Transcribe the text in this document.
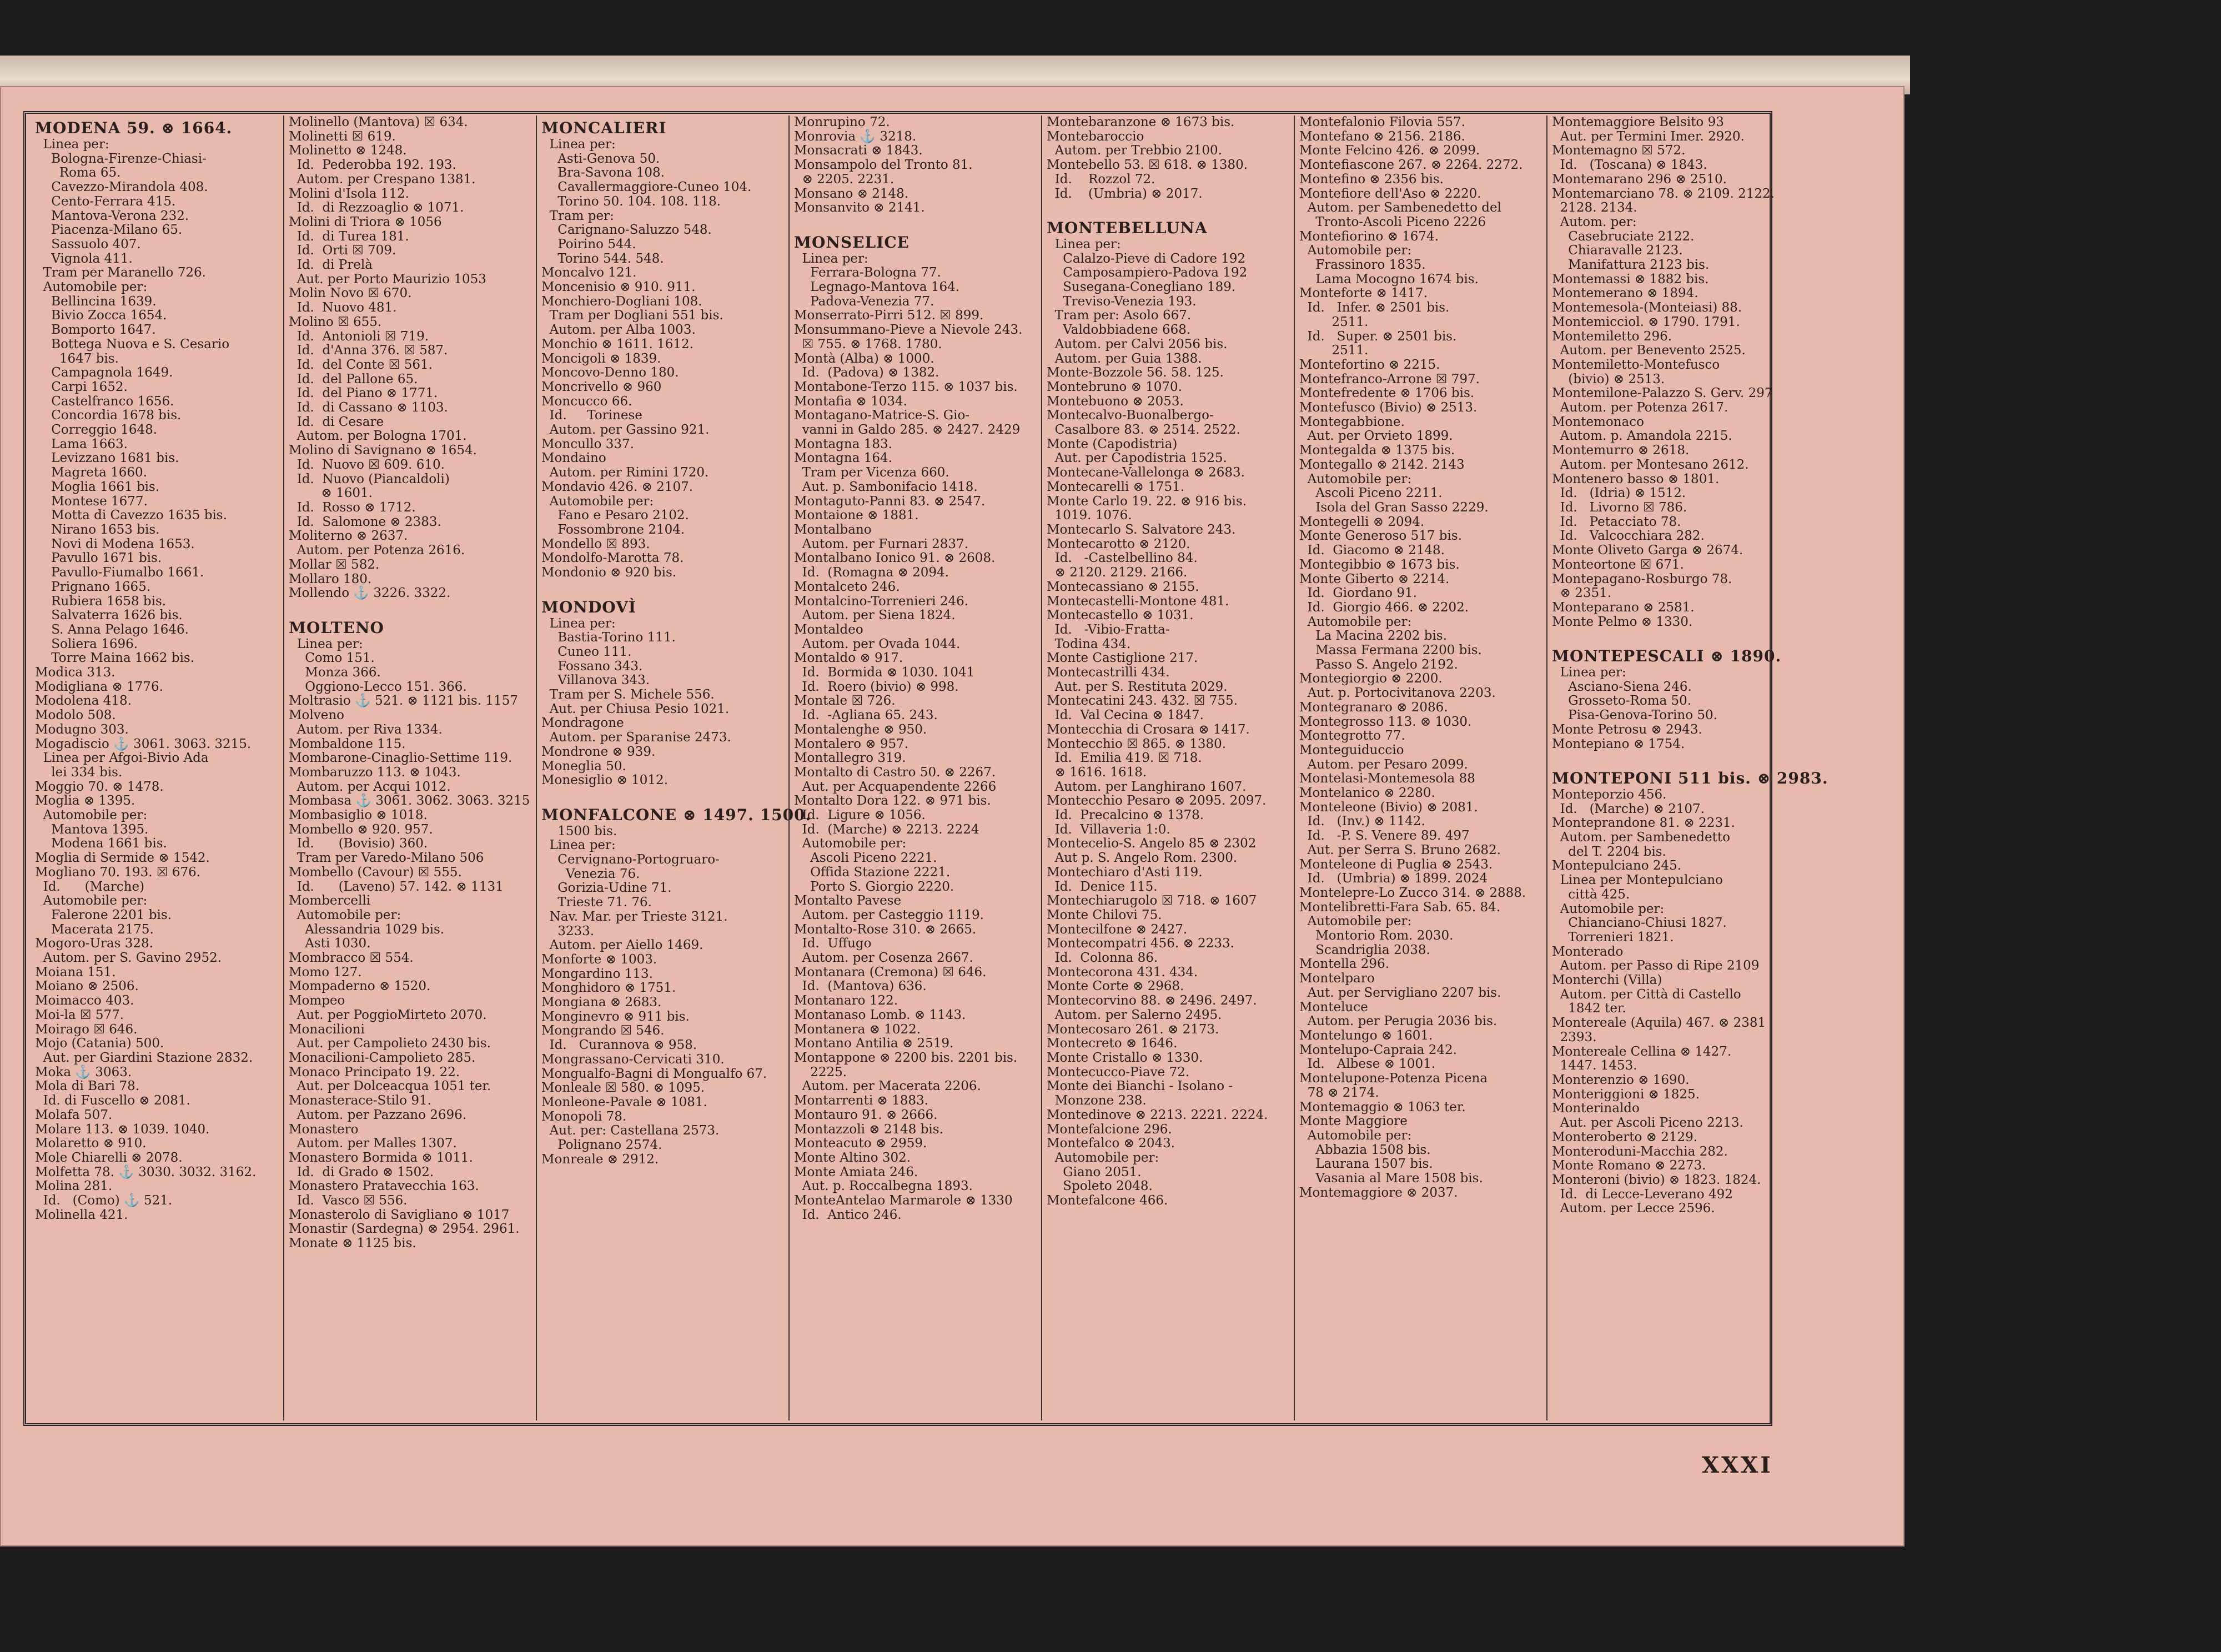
MODENA 59. ⊗ 1664.
Linea per:
Bologna-Firenze-Chiasi-
Roma 65.
Cavezzo-Mirandola 408.
Cento-Ferrara 415.
Mantova-Verona 232.
Piacenza-Milano 65.
Sassuolo 407.
Vignola 411.
Tram per Maranello 726.
Automobile per:
Bellincina 1639.
Bivio Zocca 1654.
Bomporto 1647.
Bottega Nuova e S. Cesario
1647 bis.
Campagnola 1649.
Carpi 1652.
Castelfranco 1656.
Concordia 1678 bis.
Correggio 1648.
Lama 1663.
Levizzano 1681 bis.
Magreta 1660.
Moglia 1661 bis.
Montese 1677.
Motta di Cavezzo 1635 bis.
Nirano 1653 bis.
Novi di Modena 1653.
Pavullo 1671 bis.
Pavullo-Fiumalbo 1661.
Prignano 1665.
Rubiera 1658 bis.
Salvaterra 1626 bis.
S. Anna Pelago 1646.
Soliera 1696.
Torre Maina 1662 bis.
Modica 313.
Modigliana ⊗ 1776.
Modolena 418.
Modolo 508.
Modugno 303.
Mogadiscio ⚓ 3061. 3063. 3215.
Linea per Afgoi-Bivio Ada
lei 334 bis.
Moggio 70. ⊗ 1478.
Moglia ⊗ 1395.
Automobile per:
Mantova 1395.
Modena 1661 bis.
Moglia di Sermide ⊗ 1542.
Mogliano 70. 193. ☒ 676.
Id.      (Marche)
Automobile per:
Falerone 2201 bis.
Macerata 2175.
Mogoro-Uras 328.
Autom. per S. Gavino 2952.
Moiana 151.
Moiano ⊗ 2506.
Moimacco 403.
Moi-la ☒ 577.
Moirago ☒ 646.
Mojo (Catania) 500.
Aut. per Giardini Stazione 2832.
Moka ⚓ 3063.
Mola di Bari 78.
Id. di Fuscello ⊗ 2081.
Molafa 507.
Molare 113. ⊗ 1039. 1040.
Molaretto ⊗ 910.
Mole Chiarelli ⊗ 2078.
Molfetta 78. ⚓ 3030. 3032. 3162.
Molina 281.
Id.   (Como) ⚓ 521.
Molinella 421.
Molinello (Mantova) ☒ 634.
Molinetti ☒ 619.
Molinetto ⊗ 1248.
Id.  Pederobba 192. 193.
Autom. per Crespano 1381.
Molini d'Isola 112.
Id.  di Rezzoaglio ⊗ 1071.
Molini di Triora ⊗ 1056
Id.  di Turea 181.
Id.  Orti ☒ 709.
Id.  di Prelà
Aut. per Porto Maurizio 1053
Molin Novo ☒ 670.
Id.  Nuovo 481.
Molino ☒ 655.
Id.  Antonioli ☒ 719.
Id.  d'Anna 376. ☒ 587.
Id.  del Conte ☒ 561.
Id.  del Pallone 65.
Id.  del Piano ⊗ 1771.
Id.  di Cassano ⊗ 1103.
Id.  di Cesare
Autom. per Bologna 1701.
Molino di Savignano ⊗ 1654.
Id.  Nuovo ☒ 609. 610.
Id.  Nuovo (Piancaldoli)
⊗ 1601.
Id.  Rosso ⊗ 1712.
Id.  Salomone ⊗ 2383.
Moliterno ⊗ 2637.
Autom. per Potenza 2616.
Mollar ☒ 582.
Mollaro 180.
Mollendo ⚓ 3226. 3322.

MOLTENO
Linea per:
Como 151.
Monza 366.
Oggiono-Lecco 151. 366.
Moltrasio ⚓ 521. ⊗ 1121 bis. 1157
Molveno
Autom. per Riva 1334.
Mombaldone 115.
Mombarone-Cinaglio-Settime 119.
Mombaruzzo 113. ⊗ 1043.
Autom. per Acqui 1012.
Mombasa ⚓ 3061. 3062. 3063. 3215
Mombasiglio ⊗ 1018.
Mombello ⊗ 920. 957.
Id.      (Bovisio) 360.
Tram per Varedo-Milano 506
Mombello (Cavour) ☒ 555.
Id.      (Laveno) 57. 142. ⊗ 1131
Mombercelli
Automobile per:
Alessandria 1029 bis.
Asti 1030.
Mombracco ☒ 554.
Momo 127.
Mompaderno ⊗ 1520.
Mompeo
Aut. per PoggioMirteto 2070.
Monacilioni
Aut. per Campolieto 2430 bis.
Monacilioni-Campolieto 285.
Monaco Principato 19. 22.
Aut. per Dolceacqua 1051 ter.
Monasterace-Stilo 91.
Autom. per Pazzano 2696.
Monastero
Autom. per Malles 1307.
Monastero Bormida ⊗ 1011.
Id.  di Grado ⊗ 1502.
Monastero Pratavecchia 163.
Id.  Vasco ☒ 556.
Monasterolo di Savigliano ⊗ 1017
Monastir (Sardegna) ⊗ 2954. 2961.
Monate ⊗ 1125 bis.
MONCALIERI
Linea per:
Asti-Genova 50.
Bra-Savona 108.
Cavallermaggiore-Cuneo 104.
Torino 50. 104. 108. 118.
Tram per:
Carignano-Saluzzo 548.
Poirino 544.
Torino 544. 548.
Moncalvo 121.
Moncenisio ⊗ 910. 911.
Monchiero-Dogliani 108.
Tram per Dogliani 551 bis.
Autom. per Alba 1003.
Monchio ⊗ 1611. 1612.
Moncigoli ⊗ 1839.
Moncovo-Denno 180.
Moncrivello ⊗ 960
Moncucco 66.
Id.     Torinese
Autom. per Gassino 921.
Moncullo 337.
Mondaino
Autom. per Rimini 1720.
Mondavio 426. ⊗ 2107.
Automobile per:
Fano e Pesaro 2102.
Fossombrone 2104.
Mondello ☒ 893.
Mondolfo-Marotta 78.
Mondonio ⊗ 920 bis.

MONDOVÌ
Linea per:
Bastia-Torino 111.
Cuneo 111.
Fossano 343.
Villanova 343.
Tram per S. Michele 556.
Aut. per Chiusa Pesio 1021.
Mondragone
Autom. per Sparanise 2473.
Mondrone ⊗ 939.
Moneglia 50.
Monesiglio ⊗ 1012.

MONFALCONE ⊗ 1497. 1500.
1500 bis.
Linea per:
Cervignano-Portogruaro-
Venezia 76.
Gorizia-Udine 71.
Trieste 71. 76.
Nav. Mar. per Trieste 3121.
3233.
Autom. per Aiello 1469.
Monforte ⊗ 1003.
Mongardino 113.
Monghidoro ⊗ 1751.
Mongiana ⊗ 2683.
Monginevro ⊗ 911 bis.
Mongrando ☒ 546.
Id.   Curannova ⊗ 958.
Mongrassano-Cervicati 310.
Mongualfo-Bagni di Mongualfo 67.
Monleale ☒ 580. ⊗ 1095.
Monleone-Pavale ⊗ 1081.
Monopoli 78.
Aut. per: Castellana 2573.
Polignano 2574.
Monreale ⊗ 2912.
Monrupino 72.
Monrovia ⚓ 3218.
Monsacrati ⊗ 1843.
Monsampolo del Tronto 81.
⊗ 2205. 2231.
Monsano ⊗ 2148.
Monsanvito ⊗ 2141.

MONSELICE
Linea per:
Ferrara-Bologna 77.
Legnago-Mantova 164.
Padova-Venezia 77.
Monserrato-Pirri 512. ☒ 899.
Monsummano-Pieve a Nievole 243.
☒ 755. ⊗ 1768. 1780.
Montà (Alba) ⊗ 1000.
Id.  (Padova) ⊗ 1382.
Montabone-Terzo 115. ⊗ 1037 bis.
Montafia ⊗ 1034.
Montagano-Matrice-S. Gio-
vanni in Galdo 285. ⊗ 2427. 2429
Montagna 183.
Montagna 164.
Tram per Vicenza 660.
Aut. p. Sambonifacio 1418.
Montaguto-Panni 83. ⊗ 2547.
Montaione ⊗ 1881.
Montalbano
Autom. per Furnari 2837.
Montalbano Ionico 91. ⊗ 2608.
Id.  (Romagna ⊗ 2094.
Montalceto 246.
Montalcino-Torrenieri 246.
Autom. per Siena 1824.
Montaldeo
Autom. per Ovada 1044.
Montaldo ⊗ 917.
Id.  Bormida ⊗ 1030. 1041
Id.  Roero (bivio) ⊗ 998.
Montale ☒ 726.
Id.  -Agliana 65. 243.
Montalenghe ⊗ 950.
Montalero ⊗ 957.
Montallegro 319.
Montalto di Castro 50. ⊗ 2267.
Aut. per Acquapendente 2266
Montalto Dora 122. ⊗ 971 bis.
Id.  Ligure ⊗ 1056.
Id.  (Marche) ⊗ 2213. 2224
Automobile per:
Ascoli Piceno 2221.
Offida Stazione 2221.
Porto S. Giorgio 2220.
Montalto Pavese
Autom. per Casteggio 1119.
Montalto-Rose 310. ⊗ 2665.
Id.  Uffugo
Autom. per Cosenza 2667.
Montanara (Cremona) ☒ 646.
Id.  (Mantova) 636.
Montanaro 122.
Montanaso Lomb. ⊗ 1143.
Montanera ⊗ 1022.
Montano Antilia ⊗ 2519.
Montappone ⊗ 2200 bis. 2201 bis.
2225.
Autom. per Macerata 2206.
Montarrenti ⊗ 1883.
Montauro 91. ⊗ 2666.
Montazzoli ⊗ 2148 bis.
Monteacuto ⊗ 2959.
Monte Altino 302.
Monte Amiata 246.
Aut. p. Roccalbegna 1893.
MonteAntelao Marmarole ⊗ 1330
Id.  Antico 246.
Montebaranzone ⊗ 1673 bis.
Montebaroccio
Autom. per Trebbio 2100.
Montebello 53. ☒ 618. ⊗ 1380.
Id.    Rozzol 72.
Id.    (Umbria) ⊗ 2017.

MONTEBELLUNA
Linea per:
Calalzo-Pieve di Cadore 192
Camposampiero-Padova 192
Susegana-Conegliano 189.
Treviso-Venezia 193.
Tram per: Asolo 667.
Valdobbiadene 668.
Autom. per Calvi 2056 bis.
Autom. per Guia 1388.
Monte-Bozzole 56. 58. 125.
Montebruno ⊗ 1070.
Montebuono ⊗ 2053.
Montecalvo-Buonalbergo-
Casalbore 83. ⊗ 2514. 2522.
Monte (Capodistria)
Aut. per Capodistria 1525.
Montecane-Vallelonga ⊗ 2683.
Montecarelli ⊗ 1751.
Monte Carlo 19. 22. ⊗ 916 bis.
1019. 1076.
Montecarlo S. Salvatore 243.
Montecarotto ⊗ 2120.
Id.   -Castelbellino 84.
⊗ 2120. 2129. 2166.
Montecassiano ⊗ 2155.
Montecastelli-Montone 481.
Montecastello ⊗ 1031.
Id.   -Vibio-Fratta-
Todina 434.
Monte Castiglione 217.
Montecastrilli 434.
Aut. per S. Restituta 2029.
Montecatini 243. 432. ☒ 755.
Id.  Val Cecina ⊗ 1847.
Montecchia di Crosara ⊗ 1417.
Montecchio ☒ 865. ⊗ 1380.
Id.  Emilia 419. ☒ 718.
⊗ 1616. 1618.
Autom. per Langhirano 1607.
Montecchio Pesaro ⊗ 2095. 2097.
Id.  Precalcino ⊗ 1378.
Id.  Villaveria 1:0.
Montecelio-S. Angelo 85 ⊗ 2302
Aut p. S. Angelo Rom. 2300.
Montechiaro d'Asti 119.
Id.  Denice 115.
Montechiarugolo ☒ 718. ⊗ 1607
Monte Chilovi 75.
Montecilfone ⊗ 2427.
Montecompatri 456. ⊗ 2233.
Id.  Colonna 86.
Montecorona 431. 434.
Monte Corte ⊗ 2968.
Montecorvino 88. ⊗ 2496. 2497.
Autom. per Salerno 2495.
Montecosaro 261. ⊗ 2173.
Montecreto ⊗ 1646.
Monte Cristallo ⊗ 1330.
Montecucco-Piave 72.
Monte dei Bianchi - Isolano -
Monzone 238.
Montedinove ⊗ 2213. 2221. 2224.
Montefalcione 296.
Montefalco ⊗ 2043.
Automobile per:
Giano 2051.
Spoleto 2048.
Montefalcone 466.
Montefalonio Filovia 557.
Montefano ⊗ 2156. 2186.
Monte Felcino 426. ⊗ 2099.
Montefiascone 267. ⊗ 2264. 2272.
Montefino ⊗ 2356 bis.
Montefiore dell'Aso ⊗ 2220.
Autom. per Sambenedetto del
Tronto-Ascoli Piceno 2226
Montefiorino ⊗ 1674.
Automobile per:
Frassinoro 1835.
Lama Mocogno 1674 bis.
Monteforte ⊗ 1417.
Id.   Infer. ⊗ 2501 bis.
2511.
Id.   Super. ⊗ 2501 bis.
2511.
Montefortino ⊗ 2215.
Montefranco-Arrone ☒ 797.
Montefredente ⊗ 1706 bis.
Montefusco (Bivio) ⊗ 2513.
Montegabbione.
Aut. per Orvieto 1899.
Montegalda ⊗ 1375 bis.
Montegallo ⊗ 2142. 2143
Automobile per:
Ascoli Piceno 2211.
Isola del Gran Sasso 2229.
Montegelli ⊗ 2094.
Monte Generoso 517 bis.
Id.  Giacomo ⊗ 2148.
Montegibbio ⊗ 1673 bis.
Monte Giberto ⊗ 2214.
Id.  Giordano 91.
Id.  Giorgio 466. ⊗ 2202.
Automobile per:
La Macina 2202 bis.
Massa Fermana 2200 bis.
Passo S. Angelo 2192.
Montegiorgio ⊗ 2200.
Aut. p. Portocivitanova 2203.
Montegranaro ⊗ 2086.
Montegrosso 113. ⊗ 1030.
Montegrotto 77.
Monteguiduccio
Autom. per Pesaro 2099.
Montelasi-Montemesola 88
Montelanico ⊗ 2280.
Monteleone (Bivio) ⊗ 2081.
Id.   (Inv.) ⊗ 1142.
Id.   -P. S. Venere 89. 497
Aut. per Serra S. Bruno 2682.
Monteleone di Puglia ⊗ 2543.
Id.   (Umbria) ⊗ 1899. 2024
Montelepre-Lo Zucco 314. ⊗ 2888.
Montelibretti-Fara Sab. 65. 84.
Automobile per:
Montorio Rom. 2030.
Scandriglia 2038.
Montella 296.
Montelparo
Aut. per Servigliano 2207 bis.
Monteluce
Autom. per Perugia 2036 bis.
Montelungo ⊗ 1601.
Montelupo-Capraia 242.
Id.   Albese ⊗ 1001.
Montelupone-Potenza Picena
78 ⊗ 2174.
Montemaggio ⊗ 1063 ter.
Monte Maggiore
Automobile per:
Abbazia 1508 bis.
Laurana 1507 bis.
Vasania al Mare 1508 bis.
Montemaggiore ⊗ 2037.
Montemaggiore Belsito 93
Aut. per Termini Imer. 2920.
Montemagno ☒ 572.
Id.   (Toscana) ⊗ 1843.
Montemarano 296 ⊗ 2510.
Montemarciano 78. ⊗ 2109. 2122.
2128. 2134.
Autom. per:
Casebruciate 2122.
Chiaravalle 2123.
Manifattura 2123 bis.
Montemassi ⊗ 1882 bis.
Montemerano ⊗ 1894.
Montemesola-(Monteiasi) 88.
Montemicciol. ⊗ 1790. 1791.
Montemiletto 296.
Autom. per Benevento 2525.
Montemiletto-Montefusco
(bivio) ⊗ 2513.
Montemilone-Palazzo S. Gerv. 297
Autom. per Potenza 2617.
Montemonaco
Autom. p. Amandola 2215.
Montemurro ⊗ 2618.
Autom. per Montesano 2612.
Montenero basso ⊗ 1801.
Id.   (Idria) ⊗ 1512.
Id.   Livorno ☒ 786.
Id.   Petacciato 78.
Id.   Valcocchiara 282.
Monte Oliveto Garga ⊗ 2674.
Monteortone ☒ 671.
Montepagano-Rosburgo 78.
⊗ 2351.
Monteparano ⊗ 2581.
Monte Pelmo ⊗ 1330.

MONTEPESCALI ⊗ 1890.
Linea per:
Asciano-Siena 246.
Grosseto-Roma 50.
Pisa-Genova-Torino 50.
Monte Petrosu ⊗ 2943.
Montepiano ⊗ 1754.

MONTEPONI 511 bis. ⊗ 2983.
Monteporzio 456.
Id.   (Marche) ⊗ 2107.
Monteprandone 81. ⊗ 2231.
Autom. per Sambenedetto
del T. 2204 bis.
Montepulciano 245.
Linea per Montepulciano
città 425.
Automobile per:
Chianciano-Chiusi 1827.
Torrenieri 1821.
Monterado
Autom. per Passo di Ripe 2109
Monterchi (Villa)
Autom. per Città di Castello
1842 ter.
Montereale (Aquila) 467. ⊗ 2381
2393.
Montereale Cellina ⊗ 1427.
1447. 1453.
Monterenzio ⊗ 1690.
Monteriggioni ⊗ 1825.
Monterinaldo
Aut. per Ascoli Piceno 2213.
Monteroberto ⊗ 2129.
Monteroduni-Macchia 282.
Monte Romano ⊗ 2273.
Monteroni (bivio) ⊗ 1823. 1824.
Id.  di Lecce-Leverano 492
Autom. per Lecce 2596.
XXXI
